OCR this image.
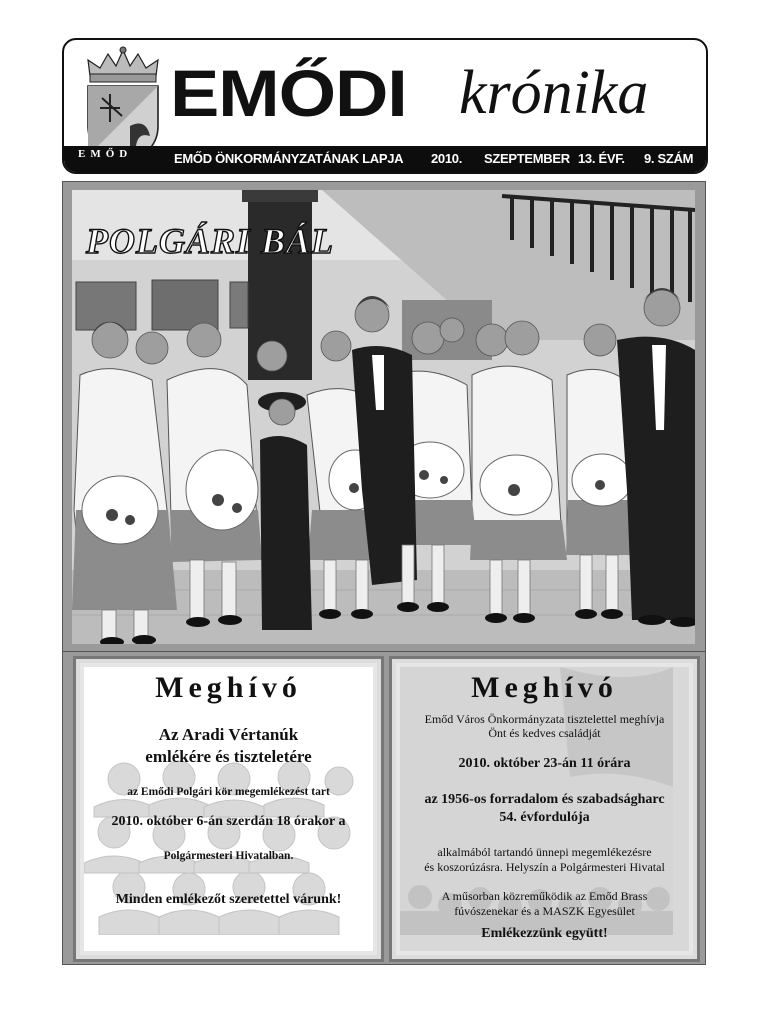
EMŐDI krónika
EMŐD	EMŐD ÖNKORMÁNYZATÁNAK LAPJA 2010. SZEPTEMBER 13. ÉVF. 9. SZÁM
POLGÁRI BÁL
Meghívó
Az Aradi Vértanúk
emlékére és tiszteletére
az Emődi Polgári kör megemlékezést tart
2010. október 6-án szerdán 18 órakor a
Polgármesteri Hivatalban.
Minden emlékezőt szeretettel várunk!
Meghívó
Emőd Város Önkormányzata tisztelettel meghívja
Önt és kedves családját
2010. október 23-án 11 órára
az 1956-os forradalom és szabadságharc
54. évfordulója
alkalmából tartandó ünnepi megemlékezésre
és koszorúzásra. Helyszín a Polgármesteri Hivatal
A műsorban közreműködik az Emőd Brass
fúvószenekar és a MASZK Egyesület
Emlékezzünk együtt!
